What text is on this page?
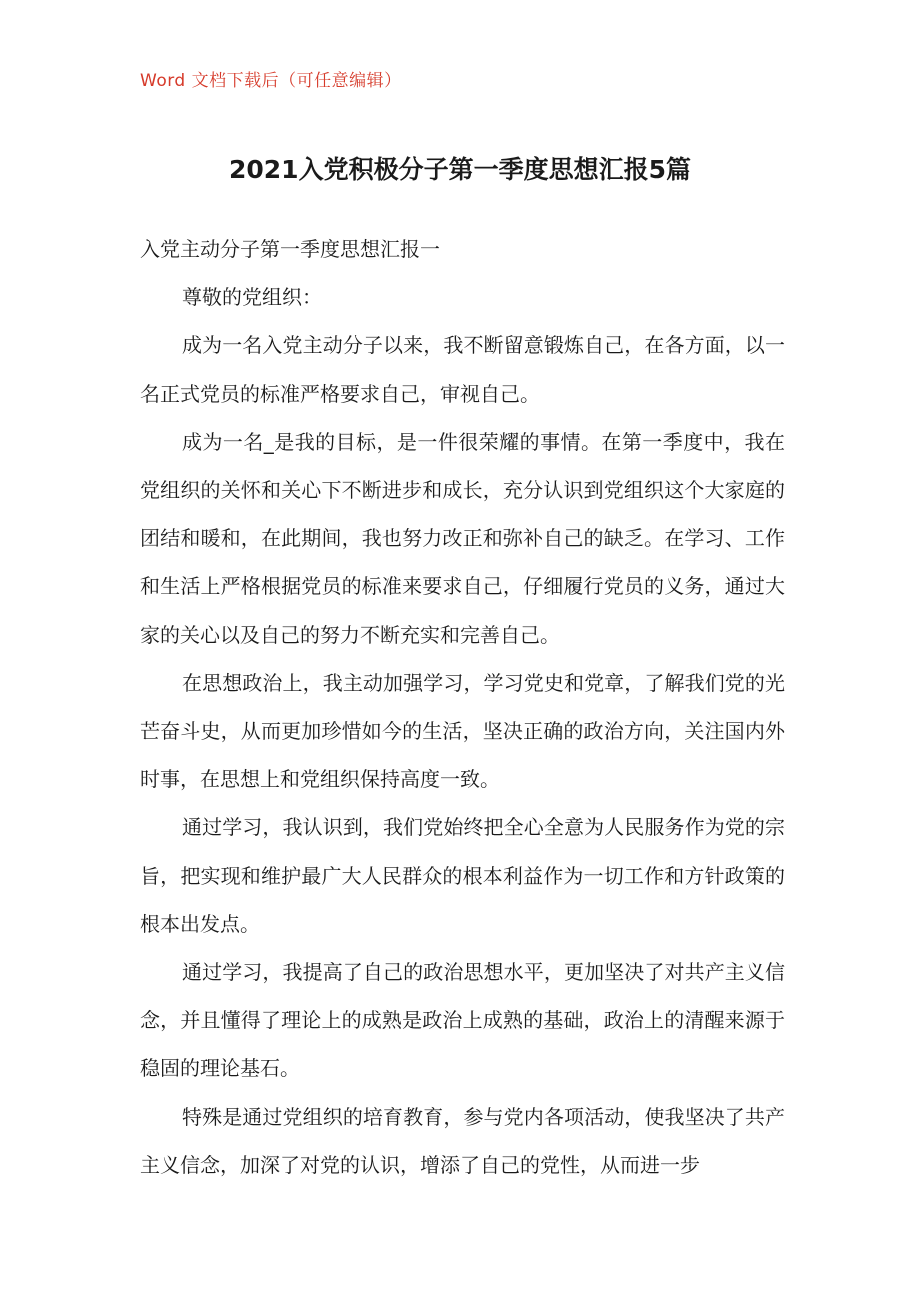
Word 文档下载后（可任意编辑）
2021入党积极分子第一季度思想汇报5篇

入党主动分子第一季度思想汇报一

尊敬的党组织：

成为一名入党主动分子以来，我不断留意锻炼自己，在各方面，以一名正式党员的标准严格要求自己，审视自己。

成为一名_是我的目标，是一件很荣耀的事情。在第一季度中，我在党组织的关怀和关心下不断进步和成长，充分认识到党组织这个大家庭的团结和暖和，在此期间，我也努力改正和弥补自己的缺乏。在学习、工作和生活上严格根据党员的标准来要求自己，仔细履行党员的义务，通过大家的关心以及自己的努力不断充实和完善自己。

在思想政治上，我主动加强学习，学习党史和党章，了解我们党的光芒奋斗史，从而更加珍惜如今的生活，坚决正确的政治方向，关注国内外时事，在思想上和党组织保持高度一致。

通过学习，我认识到，我们党始终把全心全意为人民服务作为党的宗旨，把实现和维护最广大人民群众的根本利益作为一切工作和方针政策的根本出发点。

通过学习，我提高了自己的政治思想水平，更加坚决了对共产主义信念，并且懂得了理论上的成熟是政治上成熟的基础，政治上的清醒来源于稳固的理论基石。

特殊是通过党组织的培育教育，参与党内各项活动，使我坚决了共产主义信念，加深了对党的认识，增添了自己的党性，从而进一步
